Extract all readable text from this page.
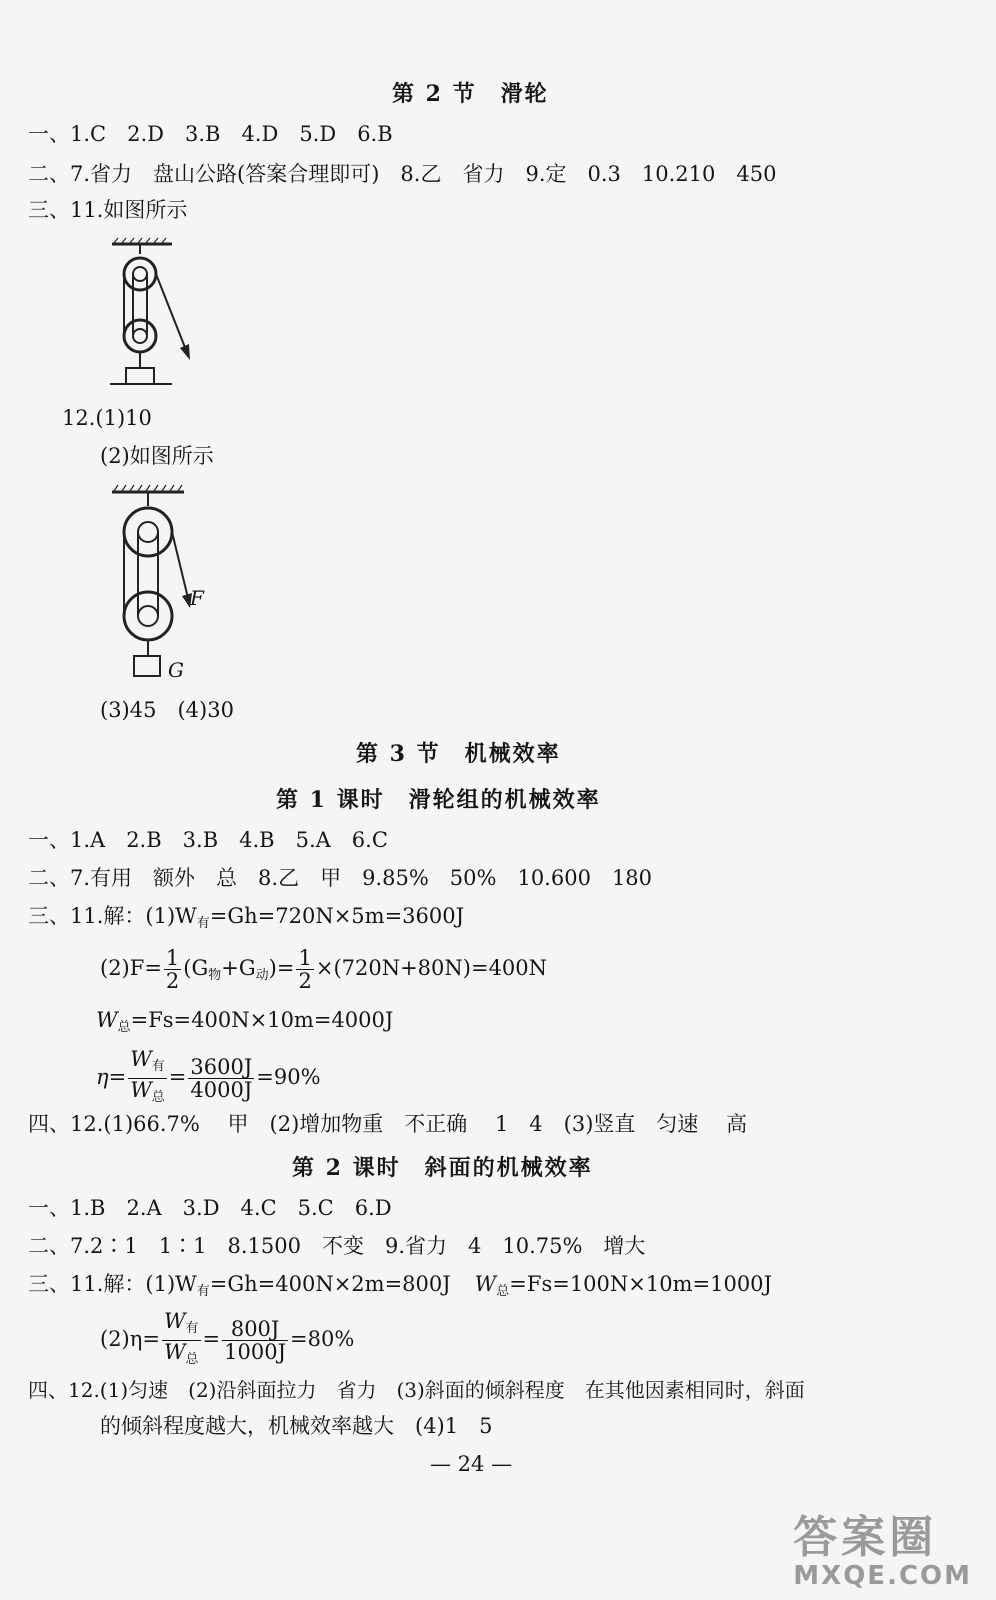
第 2 节　滑轮
一、1.C　2.D　3.B　4.D　5.D　6.B
二、7.省力　盘山公路(答案合理即可)　8.乙　省力　9.定　0.3　10.210　450
三、11.如图所示
12.(1)10
(2)如图所示
F
G
(3)45　(4)30
第 3 节　机械效率
第 1 课时　滑轮组的机械效率
一、1.A　2.B　3.B　4.B　5.A　6.C
二、7.有用　额外　总　8.乙　甲　9.85%　50%　10.600　180
三、11.解：$(1)W_有=Gh=720N\times 5m=3600J$
$(2)F= \frac{1}{2} (G_物+G_动)= \frac{1}{2} \times(720N+80N)=400N$
$W_总=Fs=400N\times 10m=4000J$
$\eta= \frac{W_有}{W_总} = \frac{3600J}{4000J} =90\%$
四、12.(1)66.7%　 甲　(2)增加物重　不正确　 1　4　(3)竖直　匀速　 高
第 2 课时　斜面的机械效率
一、1.B　2.A　3.D　4.C　5.C　6.D
二、7.2∶1　1∶1　8.1500　不变　9.省力　4　10.75%　增大
三、11.解：$(1)W_有=Gh=400N\times 2m=800J$ $W_总=Fs=100N\times 10m=1000J$
$(2)\eta= \frac{W_有}{W_总} = \frac{800J}{1000J} =80\%$
四、12.(1)匀速　(2)沿斜面拉力　省力　(3)斜面的倾斜程度　在其他因素相同时，斜面
的倾斜程度越大，机械效率越大　(4)1　5
— 24 —
答案圈
MXQE.COM
